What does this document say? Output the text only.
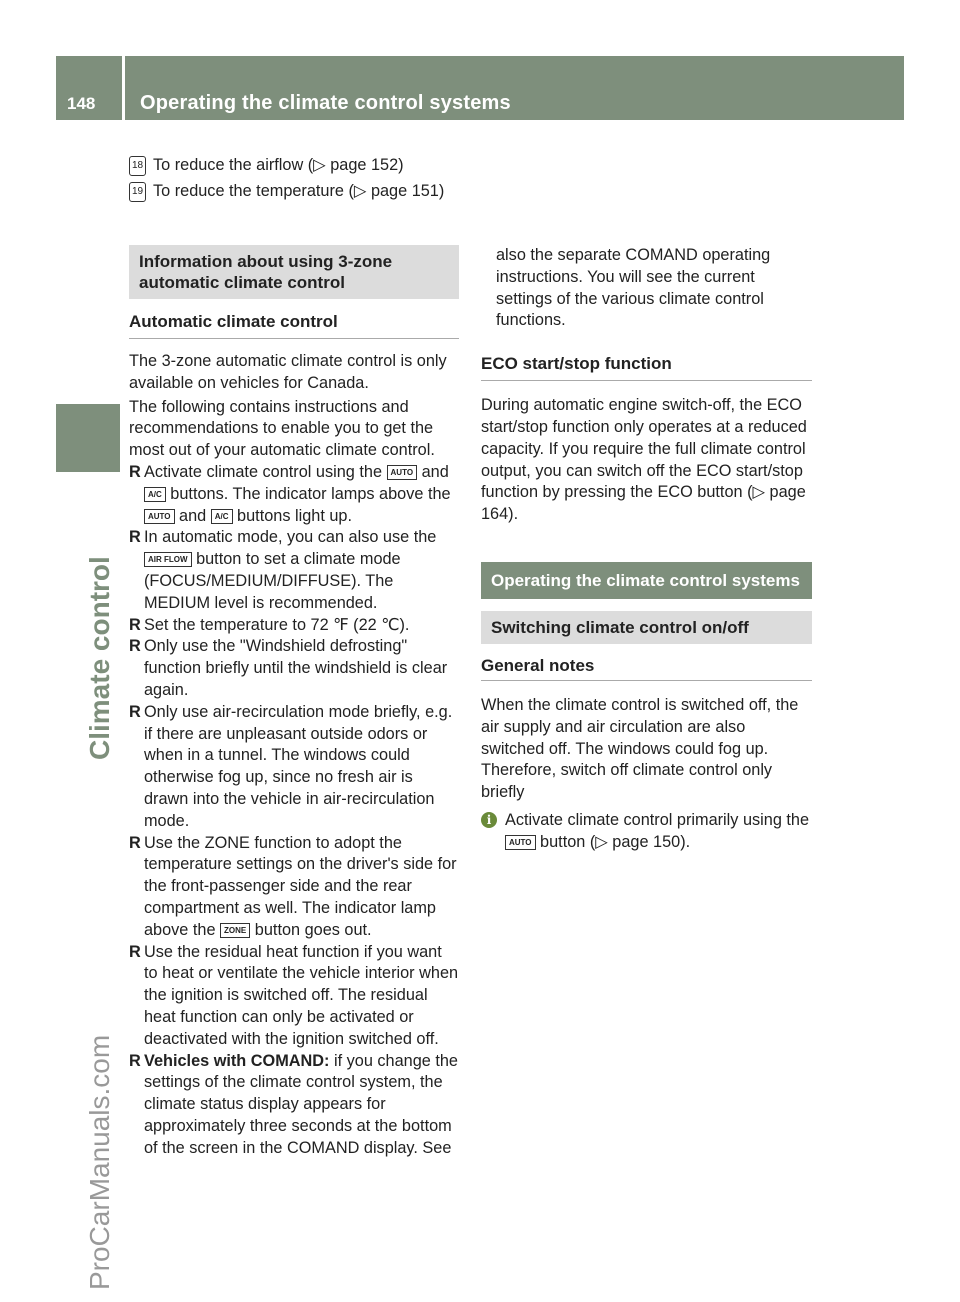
148 Operating the climate control systems
Climate control
ProCarManuals.com
18 To reduce the airflow (▷ page 152)
19 To reduce the temperature (▷ page 151)
Information about using 3-zone automatic climate control
Automatic climate control

The 3-zone automatic climate control is only available on vehicles for Canada.

The following contains instructions and recommendations to enable you to get the most out of your automatic climate control.

R Activate climate control using the AUTO and A/C buttons. The indicator lamps above the AUTO and A/C buttons light up.

R In automatic mode, you can also use the AIR FLOW button to set a climate mode (FOCUS/MEDIUM/DIFFUSE). The MEDIUM level is recommended.

R Set the temperature to 72 ℉ (22 ℃).

R Only use the "Windshield defrosting" function briefly until the windshield is clear again.

R Only use air-recirculation mode briefly, e.g. if there are unpleasant outside odors or when in a tunnel. The windows could otherwise fog up, since no fresh air is drawn into the vehicle in air-recirculation mode.

R Use the ZONE function to adopt the temperature settings on the driver's side for the front-passenger side and the rear compartment as well. The indicator lamp above the ZONE button goes out.

R Use the residual heat function if you want to heat or ventilate the vehicle interior when the ignition is switched off. The residual heat function can only be activated or deactivated with the ignition switched off.

R Vehicles with COMAND: if you change the settings of the climate control system, the climate status display appears for approximately three seconds at the bottom of the screen in the COMAND display. See

also the separate COMAND operating instructions. You will see the current settings of the various climate control functions.

ECO start/stop function

During automatic engine switch-off, the ECO start/stop function only operates at a reduced capacity. If you require the full climate control output, you can switch off the ECO start/stop function by pressing the ECO button (▷ page 164).

Operating the climate control systems
Switching climate control on/off
General notes

When the climate control is switched off, the air supply and air circulation are also switched off. The windows could fog up. Therefore, switch off climate control only briefly

i Activate climate control primarily using the AUTO button (▷ page 150).
